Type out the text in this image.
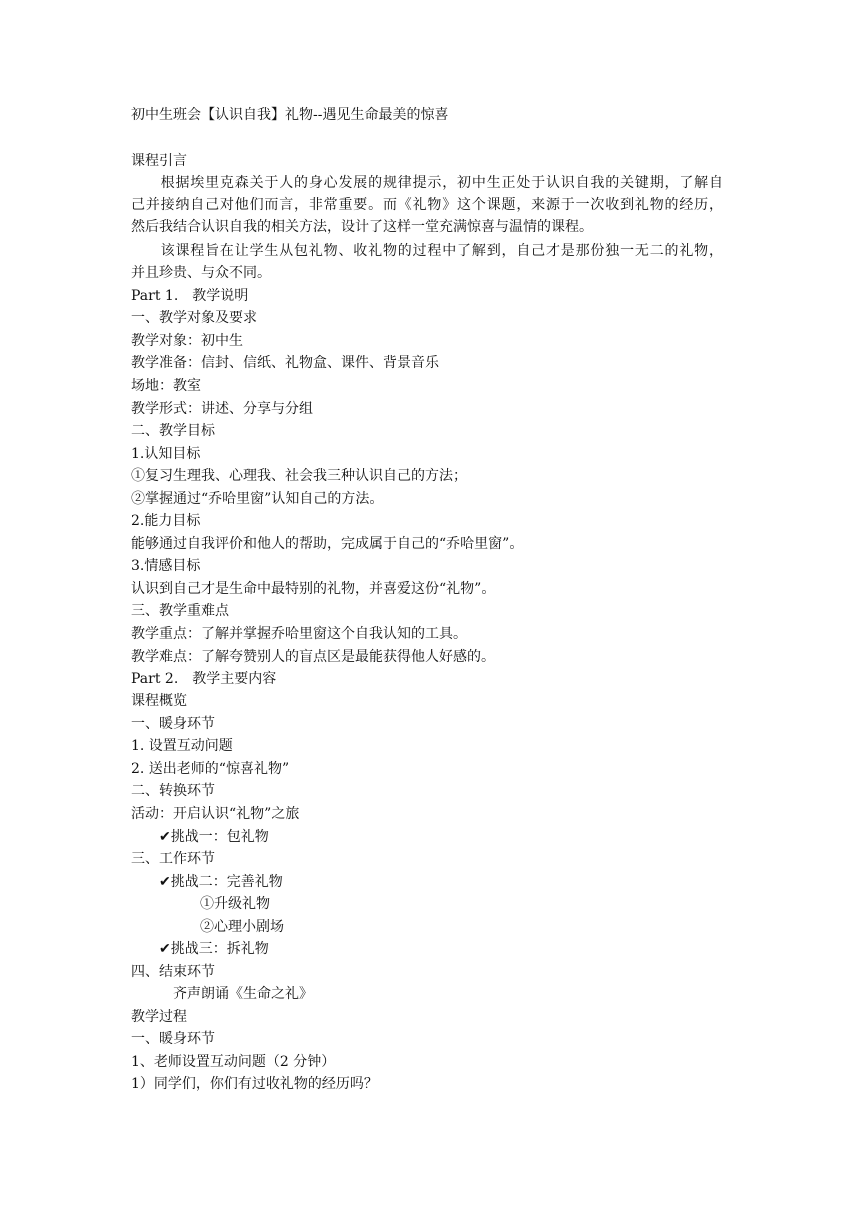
初中生班会【认识自我】礼物--遇见生命最美的惊喜
课程引言
　　根据埃里克森关于人的身心发展的规律提示，初中生正处于认识自我的关键期，了解自
己并接纳自己对他们而言，非常重要。而《礼物》这个课题，来源于一次收到礼物的经历，
然后我结合认识自我的相关方法，设计了这样一堂充满惊喜与温情的课程。
　　该课程旨在让学生从包礼物、收礼物的过程中了解到，自己才是那份独一无二的礼物，
并且珍贵、与众不同。
Part 1.　教学说明
一、教学对象及要求
教学对象：初中生
教学准备：信封、信纸、礼物盒、课件、背景音乐
场地：教室
教学形式：讲述、分享与分组
二、教学目标
1.认知目标
①复习生理我、心理我、社会我三种认识自己的方法；
②掌握通过“乔哈里窗”认知自己的方法。
2.能力目标
能够通过自我评价和他人的帮助，完成属于自己的“乔哈里窗”。
3.情感目标
认识到自己才是生命中最特别的礼物，并喜爱这份“礼物”。
三、教学重难点
教学重点：了解并掌握乔哈里窗这个自我认知的工具。
教学难点：了解夸赞别人的盲点区是最能获得他人好感的。
Part 2.　教学主要内容
课程概览
一、暖身环节
1. 设置互动问题
2. 送出老师的“惊喜礼物”
二、转换环节
活动：开启认识“礼物”之旅
✔挑战一：包礼物
三、工作环节
✔挑战二：完善礼物
①升级礼物
②心理小剧场
✔挑战三：拆礼物
四、结束环节
齐声朗诵《生命之礼》
教学过程
一、暖身环节
1、老师设置互动问题（2 分钟）
1）同学们，你们有过收礼物的经历吗？
